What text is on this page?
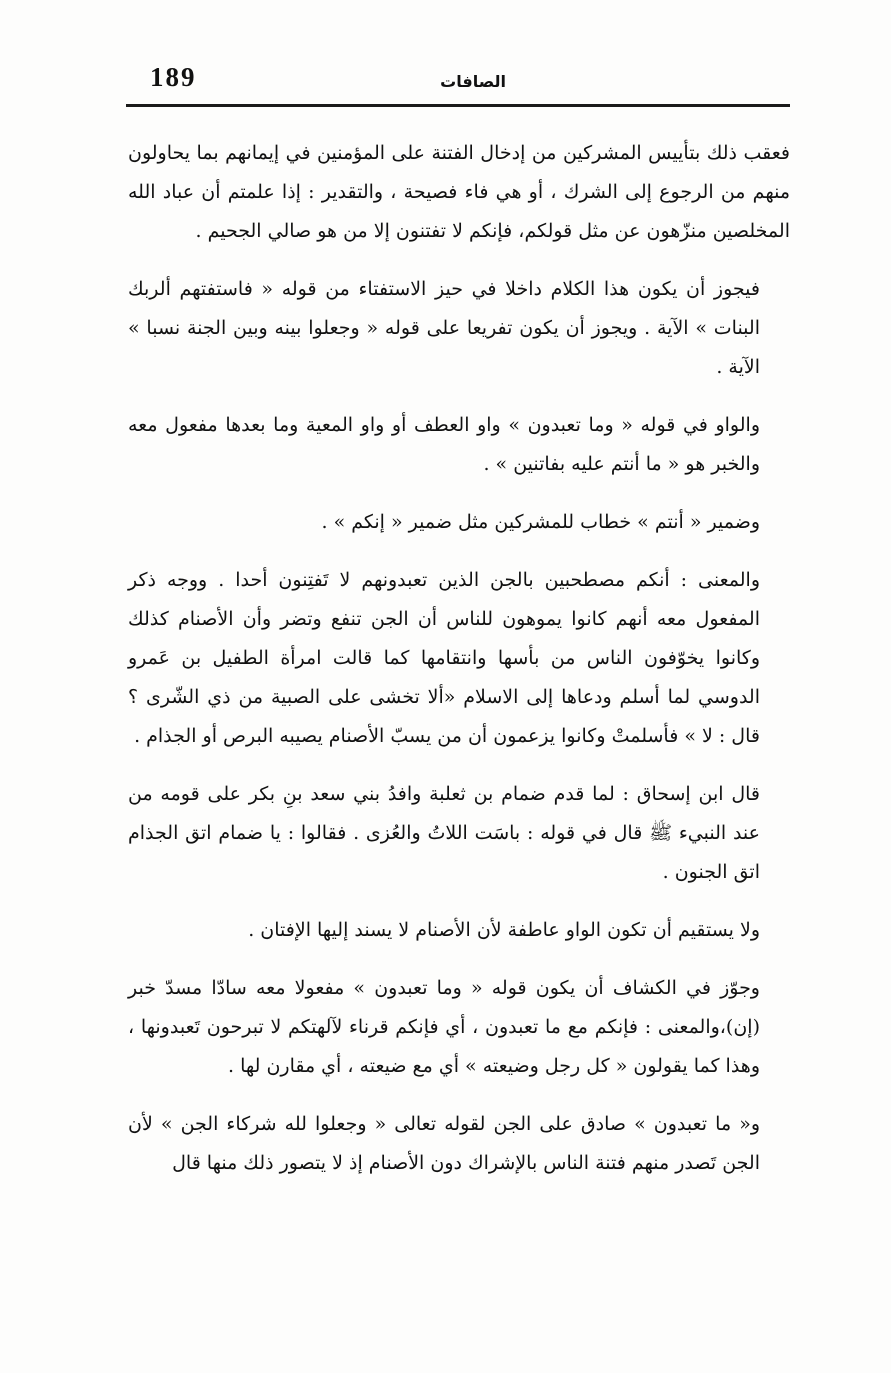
189	الصافات

فعقب ذلك بتأييس المشركين من إدخال الفتنة على المؤمنين في إيمانهم بما يحاولون منهم من الرجوع إلى الشرك ، أو هي فاء فصيحة ، والتقدير : إذا علمتم أن عباد الله المخلصين منزّهون عن مثل قولكم، فإنكم لا تفتنون إلا من هو صالي الجحيم .

فيجوز أن يكون هذا الكلام داخلا في حيز الاستفتاء من قوله « فاستفتهم ألربك البنات » الآية . ويجوز أن يكون تفريعا على قوله « وجعلوا بينه وبين الجنة نسبا » الآية .

والواو في قوله « وما تعبدون » واو العطف أو واو المعية وما بعدها مفعول معه والخبر هو « ما أنتم عليه بفاتنين » .

وضمير « أنتم » خطاب للمشركين مثل ضمير « إنكم » .

والمعنى : أنكم مصطحبين بالجن الذين تعبدونهم لا تَفتِنون أحدا . ووجه ذكر المفعول معه أنهم كانوا يموهون للناس أن الجن تنفع وتضر وأن الأصنام كذلك وكانوا يخوّفون الناس من بأسها وانتقامها كما قالت امرأة الطفيل بن عَمرو الدوسي لما أسلم ودعاها إلى الاسلام «ألا تخشى على الصبية من ذي الشّرى ؟ قال : لا » فأسلمتْ وكانوا يزعمون أن من يسبّ الأصنام يصيبه البرص أو الجذام .

قال ابن إسحاق : لما قدم ضمام بن ثعلبة وافدُ بني سعد بنِ بكر على قومه من عند النبيء ﷺ قال في قوله : باسَت اللاتُ والعُزى . فقالوا : يا ضمام اتق الجذام اتق الجنون .

ولا يستقيم أن تكون الواو عاطفة لأن الأصنام لا يسند إليها الإفتان .

وجوّز في الكشاف أن يكون قوله « وما تعبدون » مفعولا معه سادّا مسدّ خبر (إن)،والمعنى : فإنكم مع ما تعبدون ، أي فإنكم قرناء لآلهتكم لا تبرحون تَعبدونها ، وهذا كما يقولون « كل رجل وضيعته » أي مع ضيعته ، أي مقارن لها .

و« ما تعبدون » صادق على الجن لقوله تعالى « وجعلوا لله شركاء الجن » لأن الجن تَصدر منهم فتنة الناس بالإشراك دون الأصنام إذ لا يتصور ذلك منها قال
